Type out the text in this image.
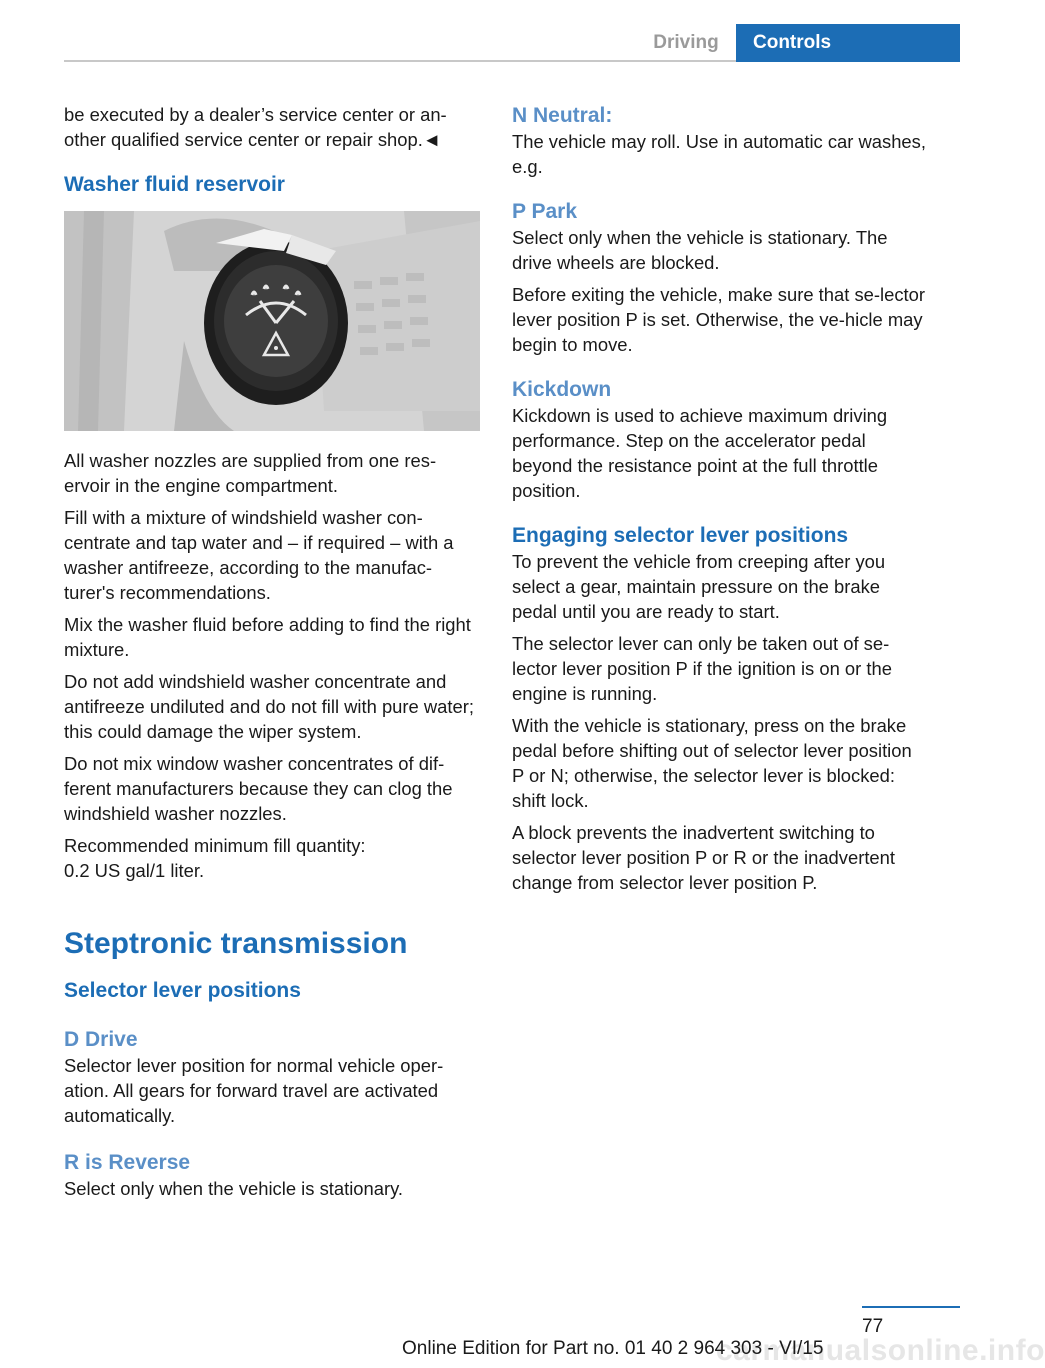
Driving	Controls

be executed by a dealer’s service center or an-other qualified service center or repair shop.◄

Washer fluid reservoir

All washer nozzles are supplied from one res-ervoir in the engine compartment.

Fill with a mixture of windshield washer con-centrate and tap water and – if required – with a washer antifreeze, according to the manufac-turer's recommendations.

Mix the washer fluid before adding to find the right mixture.

Do not add windshield washer concentrate and antifreeze undiluted and do not fill with pure water; this could damage the wiper system.

Do not mix window washer concentrates of dif-ferent manufacturers because they can clog the windshield washer nozzles.

Recommended minimum fill quantity:

0.2 US gal/1 liter.

Steptronic transmission
Selector lever positions
D Drive

Selector lever position for normal vehicle oper-ation. All gears for forward travel are activated automatically.

R is Reverse

Select only when the vehicle is stationary.

N Neutral:

The vehicle may roll. Use in automatic car washes, e.g.

P Park

Select only when the vehicle is stationary. The drive wheels are blocked.

Before exiting the vehicle, make sure that se-lector lever position P is set. Otherwise, the ve-hicle may begin to move.

Kickdown

Kickdown is used to achieve maximum driving performance. Step on the accelerator pedal beyond the resistance point at the full throttle position.

Engaging selector lever positions

To prevent the vehicle from creeping after you select a gear, maintain pressure on the brake pedal until you are ready to start.

The selector lever can only be taken out of se-lector lever position P if the ignition is on or the engine is running.

With the vehicle is stationary, press on the brake pedal before shifting out of selector lever position P or N; otherwise, the selector lever is blocked: shift lock.

A block prevents the inadvertent switching to selector lever position P or R or the inadvertent change from selector lever position P.

77
carmanualsonline.info
Online Edition for Part no. 01 40 2 964 303 - VI/15
